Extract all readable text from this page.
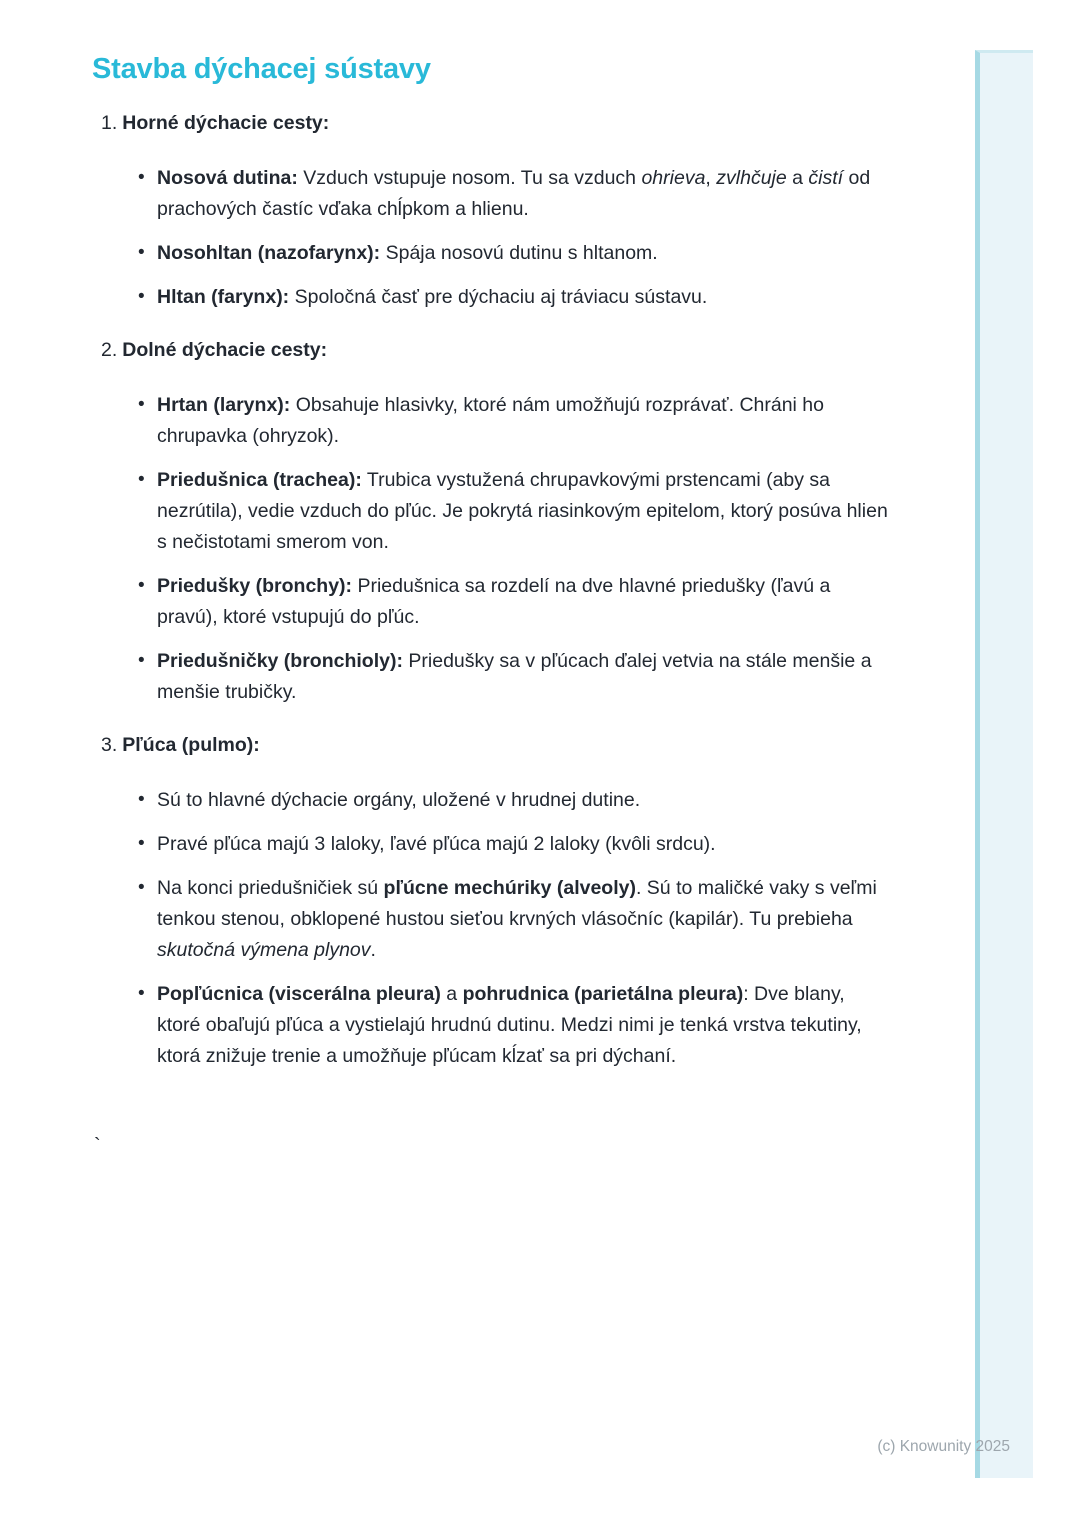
Stavba dýchacej sústavy
1. Horné dýchacie cesty:
• Nosová dutina: Vzduch vstupuje nosom. Tu sa vzduch ohrieva, zvlhčuje a čistí od prachových častíc vďaka chĺpkom a hlienu.
• Nosohltan (nazofarynx): Spája nosovú dutinu s hltanom.
• Hltan (farynx): Spoločná časť pre dýchaciu aj tráviacu sústavu.
2. Dolné dýchacie cesty:
• Hrtan (larynx): Obsahuje hlasivky, ktoré nám umožňujú rozprávať. Chráni ho chrupavka (ohryzok).
• Priedušnica (trachea): Trubica vystužená chrupavkovými prstencami (aby sa nezrútila), vedie vzduch do pľúc. Je pokrytá riasinkovým epitelom, ktorý posúva hlien s nečistotami smerom von.
• Priedušky (bronchy): Priedušnica sa rozdelí na dve hlavné priedušky (ľavú a pravú), ktoré vstupujú do pľúc.
• Priedušničky (bronchioly): Priedušky sa v pľúcach ďalej vetvia na stále menšie a menšie trubičky.
3. Pľúca (pulmo):
• Sú to hlavné dýchacie orgány, uložené v hrudnej dutine.
• Pravé pľúca majú 3 laloky, ľavé pľúca majú 2 laloky (kvôli srdcu).
• Na konci priedušničiek sú pľúcne mechúriky (alveoly). Sú to maličké vaky s veľmi tenkou stenou, obklopené hustou sieťou krvných vlásočníc (kapilár). Tu prebieha skutočná výmena plynov.
• Popľúcnica (viscerálna pleura) a pohrudnica (parietálna pleura): Dve blany, ktoré obaľujú pľúca a vystielajú hrudnú dutinu. Medzi nimi je tenká vrstva tekutiny, ktorá znižuje trenie a umožňuje pľúcam kĺzať sa pri dýchaní.
`
(c) Knowunity 2025
